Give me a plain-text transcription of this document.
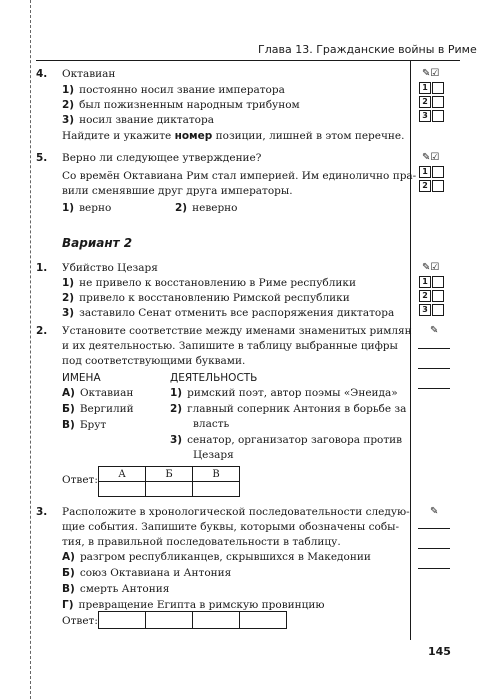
Глава 13. Гражданские войны в Риме
4. Октавиан
1) постоянно носил звание императора
2) был пожизненным народным трибуном
3) носил звание диктатора
Найдите и укажите номер позиции, лишней в этом перечне.
✎☑
1
2
3
5. Верно ли следующее утверждение?
Со времён Октавиана Рим стал империей. Им единолично пра-
вили сменявшие друг друга императоры.
1) верно	2) неверно
✎☑
1
2
Вариант 2
1. Убийство Цезаря
1) не привело к восстановлению в Риме республики
2) привело к восстановлению Римской республики
3) заставило Сенат отменить все распоряжения диктатора
✎☑
1
2
3
2. Установите соответствие между именами знаменитых римлян
и их деятельностью. Запишите в таблицу выбранные цифры
под соответствующими буквами.
ИМЕНА	ДЕЯТЕЛЬНОСТЬ
А) Октавиан
Б) Вергилий
В) Брут
1) римский поэт, автор поэмы «Энеида»
2) главный соперник Антония в борьбе за
власть
3) сенатор, организатор заговора против
Цезаря
Ответ: А	Б	В

✎
3. Расположите в хронологической последовательности следую-
щие события. Запишите буквы, которыми обозначены собы-
тия, в правильной последовательности в таблицу.
А) разгром республиканцев, скрывшихся в Македонии
Б) союз Октавиана и Антония
В) смерть Антония
Г) превращение Египта в римскую провинцию
Ответ:

✎
145
